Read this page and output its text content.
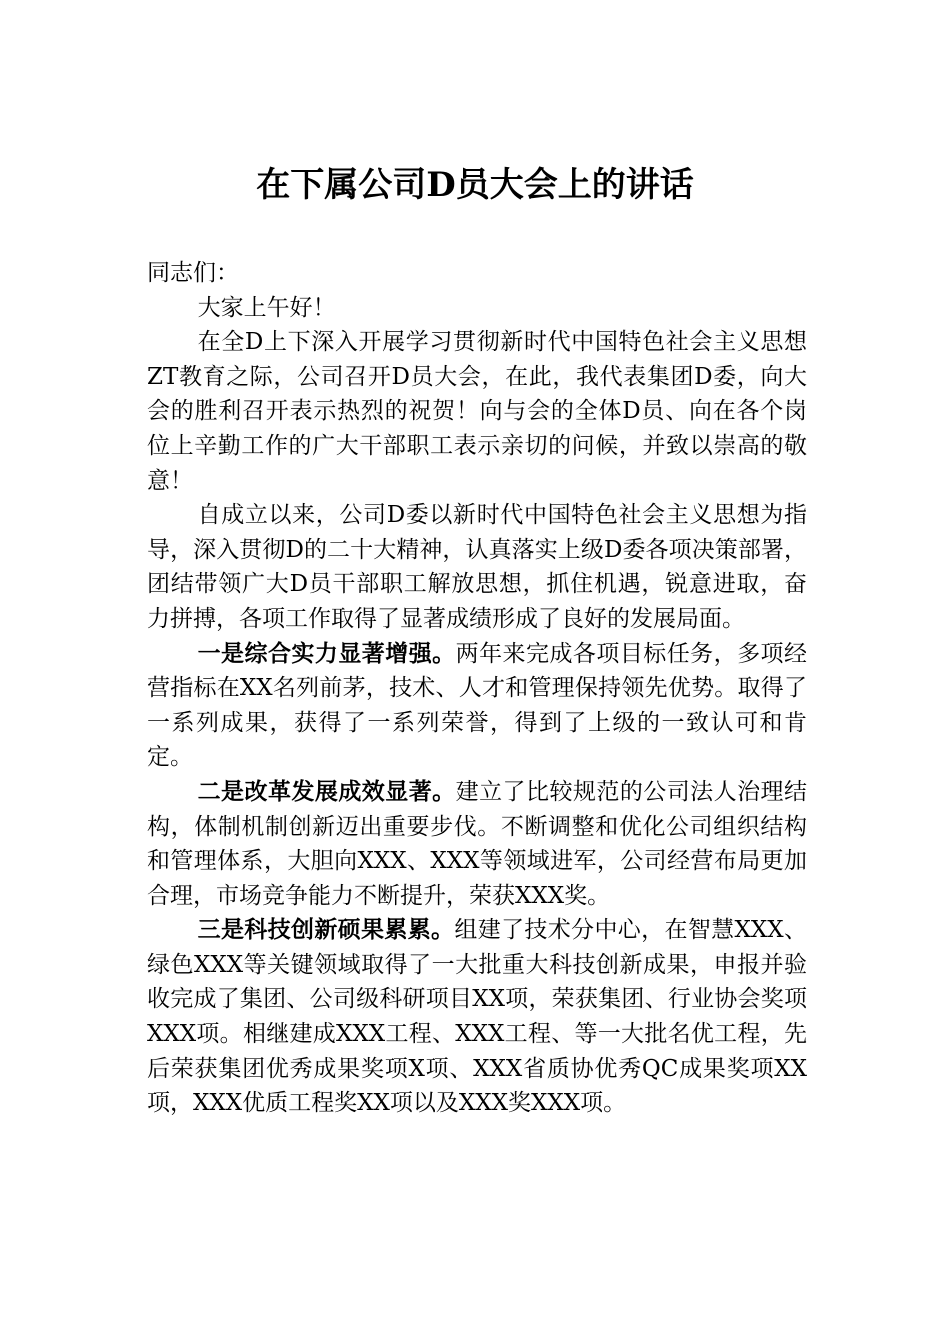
在下属公司D员大会上的讲话

同志们：

大家上午好！

在全D上下深入开展学习贯彻新时代中国特色社会主义思想ZT教育之际，公司召开D员大会，在此，我代表集团D委，向大会的胜利召开表示热烈的祝贺！向与会的全体D员、向在各个岗位上辛勤工作的广大干部职工表示亲切的问候，并致以崇高的敬意！

自成立以来，公司D委以新时代中国特色社会主义思想为指导，深入贯彻D的二十大精神，认真落实上级D委各项决策部署，团结带领广大D员干部职工解放思想，抓住机遇，锐意进取，奋力拼搏，各项工作取得了显著成绩形成了良好的发展局面。

一是综合实力显著增强。两年来完成各项目标任务，多项经营指标在XX名列前茅，技术、人才和管理保持领先优势。取得了一系列成果，获得了一系列荣誉，得到了上级的一致认可和肯定。

二是改革发展成效显著。建立了比较规范的公司法人治理结构，体制机制创新迈出重要步伐。不断调整和优化公司组织结构和管理体系，大胆向XXX、XXX等领域进军，公司经营布局更加合理，市场竞争能力不断提升，荣获XXX奖。

三是科技创新硕果累累。组建了技术分中心，在智慧XXX、绿色XXX等关键领域取得了一大批重大科技创新成果，申报并验收完成了集团、公司级科研项目XX项，荣获集团、行业协会奖项XXX项。相继建成XXX工程、XXX工程、等一大批名优工程，先后荣获集团优秀成果奖项X项、XXX省质协优秀QC成果奖项XX项，XXX优质工程奖XX项以及XXX奖XXX项。
